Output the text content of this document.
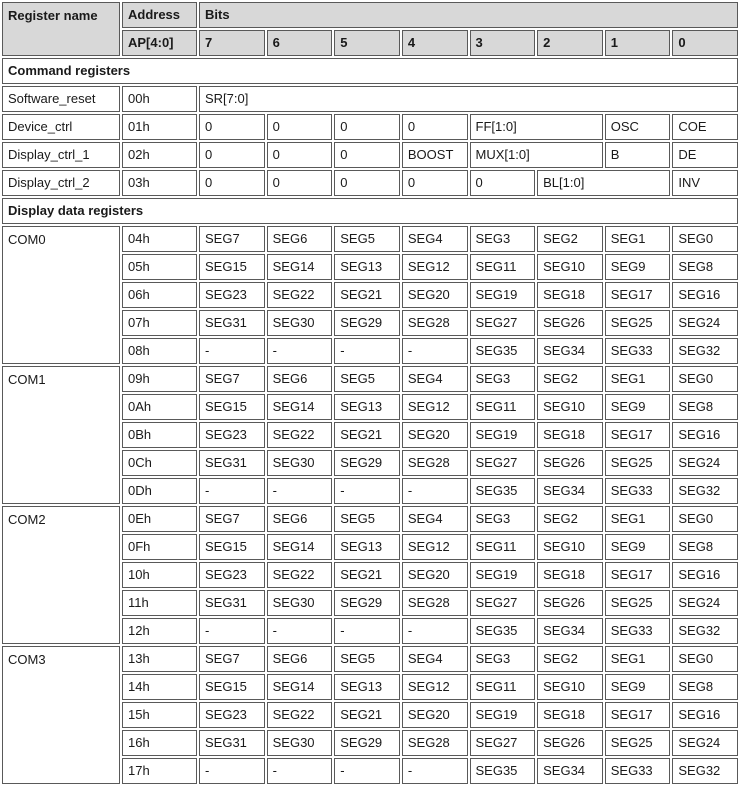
Register name	Address	Bits							
	AP[4:0]	7	6	5	4	3	2	1	0
Command registers									
Software_reset	00h	SR[7:0]							
Device_ctrl	01h	0	0	0	0	FF[1:0]		OSC	COE
Display_ctrl_1	02h	0	0	0	BOOST	MUX[1:0]		B	DE
Display_ctrl_2	03h	0	0	0	0	0	BL[1:0]		INV
Display data registers									
COM0	04h	SEG7	SEG6	SEG5	SEG4	SEG3	SEG2	SEG1	SEG0
	05h	SEG15	SEG14	SEG13	SEG12	SEG11	SEG10	SEG9	SEG8
	06h	SEG23	SEG22	SEG21	SEG20	SEG19	SEG18	SEG17	SEG16
	07h	SEG31	SEG30	SEG29	SEG28	SEG27	SEG26	SEG25	SEG24
	08h	-	-	-	-	SEG35	SEG34	SEG33	SEG32
COM1	09h	SEG7	SEG6	SEG5	SEG4	SEG3	SEG2	SEG1	SEG0
	0Ah	SEG15	SEG14	SEG13	SEG12	SEG11	SEG10	SEG9	SEG8
	0Bh	SEG23	SEG22	SEG21	SEG20	SEG19	SEG18	SEG17	SEG16
	0Ch	SEG31	SEG30	SEG29	SEG28	SEG27	SEG26	SEG25	SEG24
	0Dh	-	-	-	-	SEG35	SEG34	SEG33	SEG32
COM2	0Eh	SEG7	SEG6	SEG5	SEG4	SEG3	SEG2	SEG1	SEG0
	0Fh	SEG15	SEG14	SEG13	SEG12	SEG11	SEG10	SEG9	SEG8
	10h	SEG23	SEG22	SEG21	SEG20	SEG19	SEG18	SEG17	SEG16
	11h	SEG31	SEG30	SEG29	SEG28	SEG27	SEG26	SEG25	SEG24
	12h	-	-	-	-	SEG35	SEG34	SEG33	SEG32
COM3	13h	SEG7	SEG6	SEG5	SEG4	SEG3	SEG2	SEG1	SEG0
	14h	SEG15	SEG14	SEG13	SEG12	SEG11	SEG10	SEG9	SEG8
	15h	SEG23	SEG22	SEG21	SEG20	SEG19	SEG18	SEG17	SEG16
	16h	SEG31	SEG30	SEG29	SEG28	SEG27	SEG26	SEG25	SEG24
	17h	-	-	-	-	SEG35	SEG34	SEG33	SEG32
